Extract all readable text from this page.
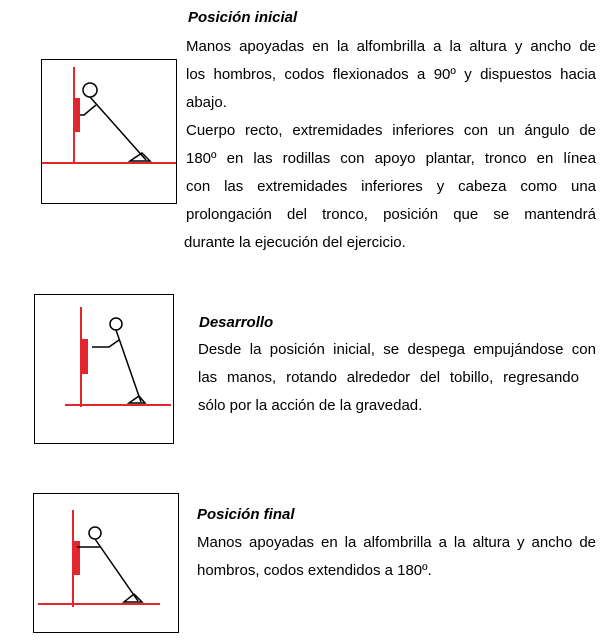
Posición inicial
Manos apoyadas en la alfombrilla a la altura y ancho de
los hombros, codos flexionados a 90º y dispuestos hacia
abajo.
Cuerpo recto, extremidades inferiores con un ángulo de
180º en las rodillas con apoyo plantar, tronco en línea
con las extremidades inferiores y cabeza como una
prolongación del tronco, posición que se mantendrá
durante la ejecución del ejercicio.
Desarrollo
Desde la posición inicial, se despega empujándose con
las manos, rotando alrededor del tobillo, regresando
sólo por la acción de la gravedad.
Posición final
Manos apoyadas en la alfombrilla a la altura y ancho de
hombros, codos extendidos a 180º.
